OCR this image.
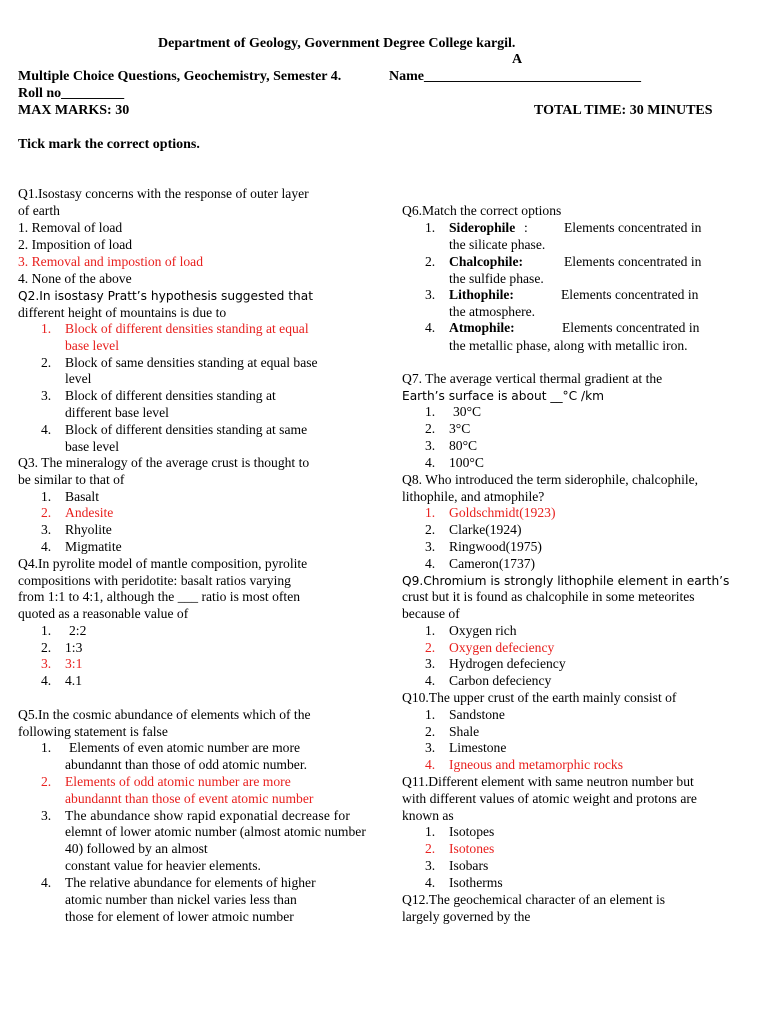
Department of Geology, Government Degree College kargil.
A
Multiple Choice Questions, Geochemistry, Semester 4.	Name_______________________________
Roll no_________
MAX MARKS: 30	TOTAL TIME: 30 MINUTES
Tick mark the correct options.
Q1.Isostasy concerns with the response of outer layer
of earth
1. Removal of load
2. Imposition of load
3. Removal and impostion of load
4. None of the above
Q2.In isostasy Pratt’s hypothesis suggested that
different height of mountains is due to
1. Block of different densities standing at equal
base level
2. Block of same densities standing at equal base
level
3. Block of different densities standing at
different base level
4. Block of different densities standing at same
base level
Q3. The mineralogy of the average crust is thought to
be similar to that of
1. Basalt
2. Andesite
3. Rhyolite
4. Migmatite
Q4.In pyrolite model of mantle composition, pyrolite
compositions with peridotite: basalt ratios varying
from 1:1 to 4:1, although the ___ ratio is most often
quoted as a reasonable value of
1. 2:2
2. 1:3
3. 3:1
4. 4.1
Q5.In the cosmic abundance of elements which of the
following statement is false
1. Elements of even atomic number are more
abundannt than those of odd atomic number.
2. Elements of odd atomic number are more
abundannt than those of event atomic number
3. The abundance show rapid exponatial decrease for
elemnt of lower atomic number (almost atomic number
40) followed by an almost
constant value for heavier elements.
4. The relative abundance for elements of higher
atomic number than nickel varies less than
those for element of lower atmoic number
Q6.Match the correct options
1. Siderophile :	Elements concentrated in
the silicate phase.
2. Chalcophile:	Elements concentrated in
the sulfide phase.
3. Lithophile:	Elements concentrated in
the atmosphere.
4. Atmophile:	Elements concentrated in
the metallic phase, along with metallic iron.
Q7. The average vertical thermal gradient at the
Earth’s surface is about __°C /km
1. 30°C
2. 3°C
3. 80°C
4. 100°C
Q8. Who introduced the term siderophile, chalcophile,
lithophile, and atmophile?
1. Goldschmidt(1923)
2. Clarke(1924)
3. Ringwood(1975)
4. Cameron(1737)
Q9.Chromium is strongly lithophile element in earth’s
crust but it is found as chalcophile in some meteorites
because of
1. Oxygen rich
2. Oxygen defeciency
3. Hydrogen defeciency
4. Carbon defeciency
Q10.The upper crust of the earth mainly consist of
1. Sandstone
2. Shale
3. Limestone
4. Igneous and metamorphic rocks
Q11.Different element with same neutron number but
with different values of atomic weight and protons are
known as
1. Isotopes
2. Isotones
3. Isobars
4. Isotherms
Q12.The geochemical character of an element is
largely governed by the
